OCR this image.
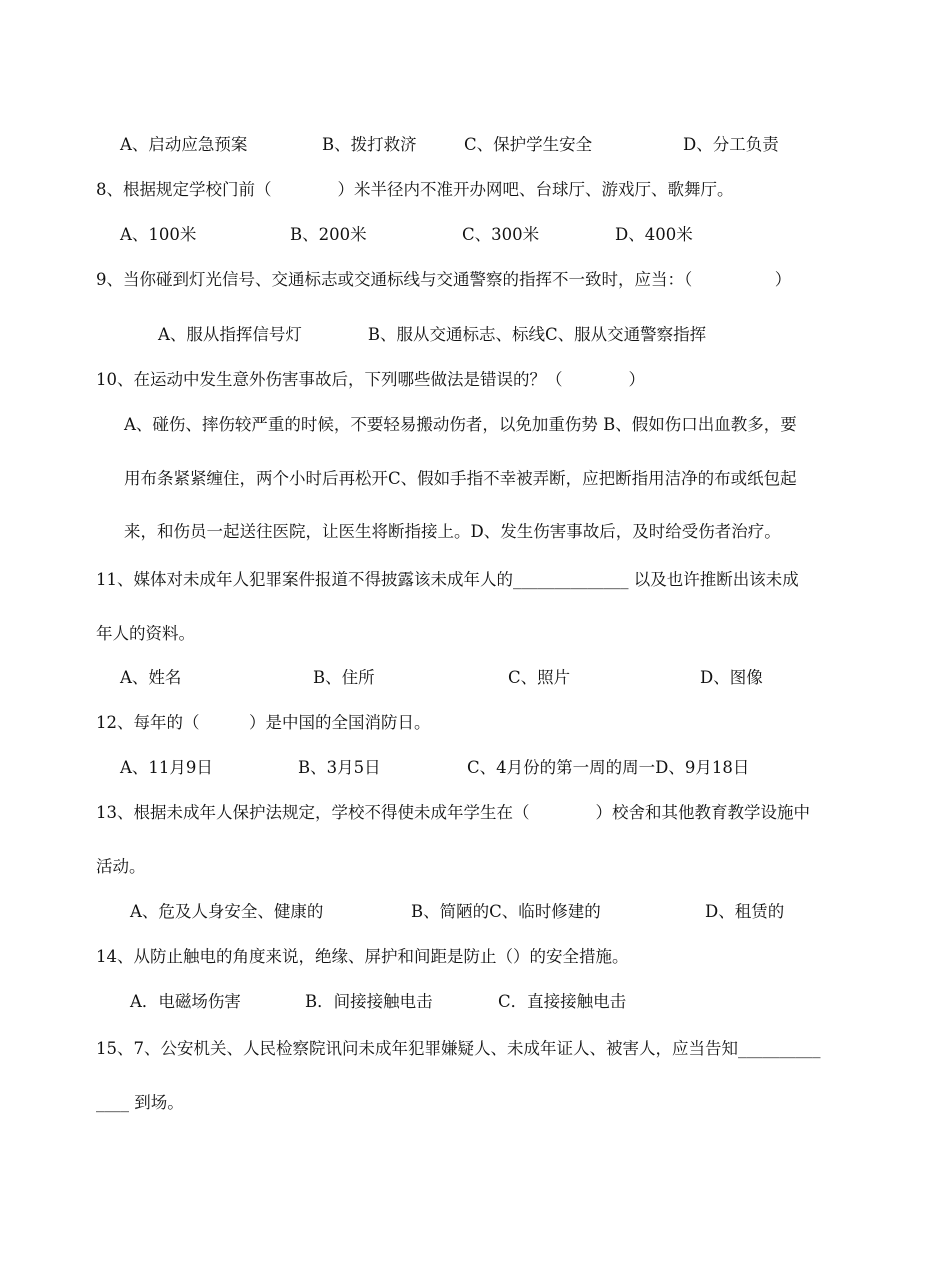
A、启动应急预案	B、拨打救济	C、保护学生安全	D、分工负责
8、根据规定学校门前（　　　　）米半径内不准开办网吧、台球厅、游戏厅、歌舞厅。
A、100米	B、200米	C、300米	D、400米
9、当你碰到灯光信号、交通标志或交通标线与交通警察的指挥不一致时，应当：（　　　　　）
A、服从指挥信号灯　　　　B、服从交通标志、标线C、服从交通警察指挥
10、在运动中发生意外伤害事故后，下列哪些做法是错误的？（　　　　）
A、碰伤、摔伤较严重的时候，不要轻易搬动伤者，以免加重伤势 B、假如伤口出血教多，要
用布条紧紧缠住，两个小时后再松开C、假如手指不幸被弄断，应把断指用洁净的布或纸包起
来，和伤员一起送往医院，让医生将断指接上。D、发生伤害事故后，及时给受伤者治疗。
11、媒体对未成年人犯罪案件报道不得披露该未成年人的______________ 以及也许推断出该未成
年人的资料。
A、姓名	B、住所	C、照片	D、图像
12、每年的（　　　）是中国的全国消防日。
A、11月9日	B、3月5日	C、4月份的第一周的周一D、9月18日
13、根据未成年人保护法规定，学校不得使未成年学生在（　　　　）校舍和其他教育教学设施中
活动。
A、危及人身安全、健康的	B、简陋的C、临时修建的	D、租赁的
14、从防止触电的角度来说，绝缘、屏护和间距是防止（）的安全措施。
A．电磁场伤害	B．间接接触电击	C．直接接触电击
15、7、公安机关、人民检察院讯问未成年犯罪嫌疑人、未成年证人、被害人，应当告知__________
____ 到场。
